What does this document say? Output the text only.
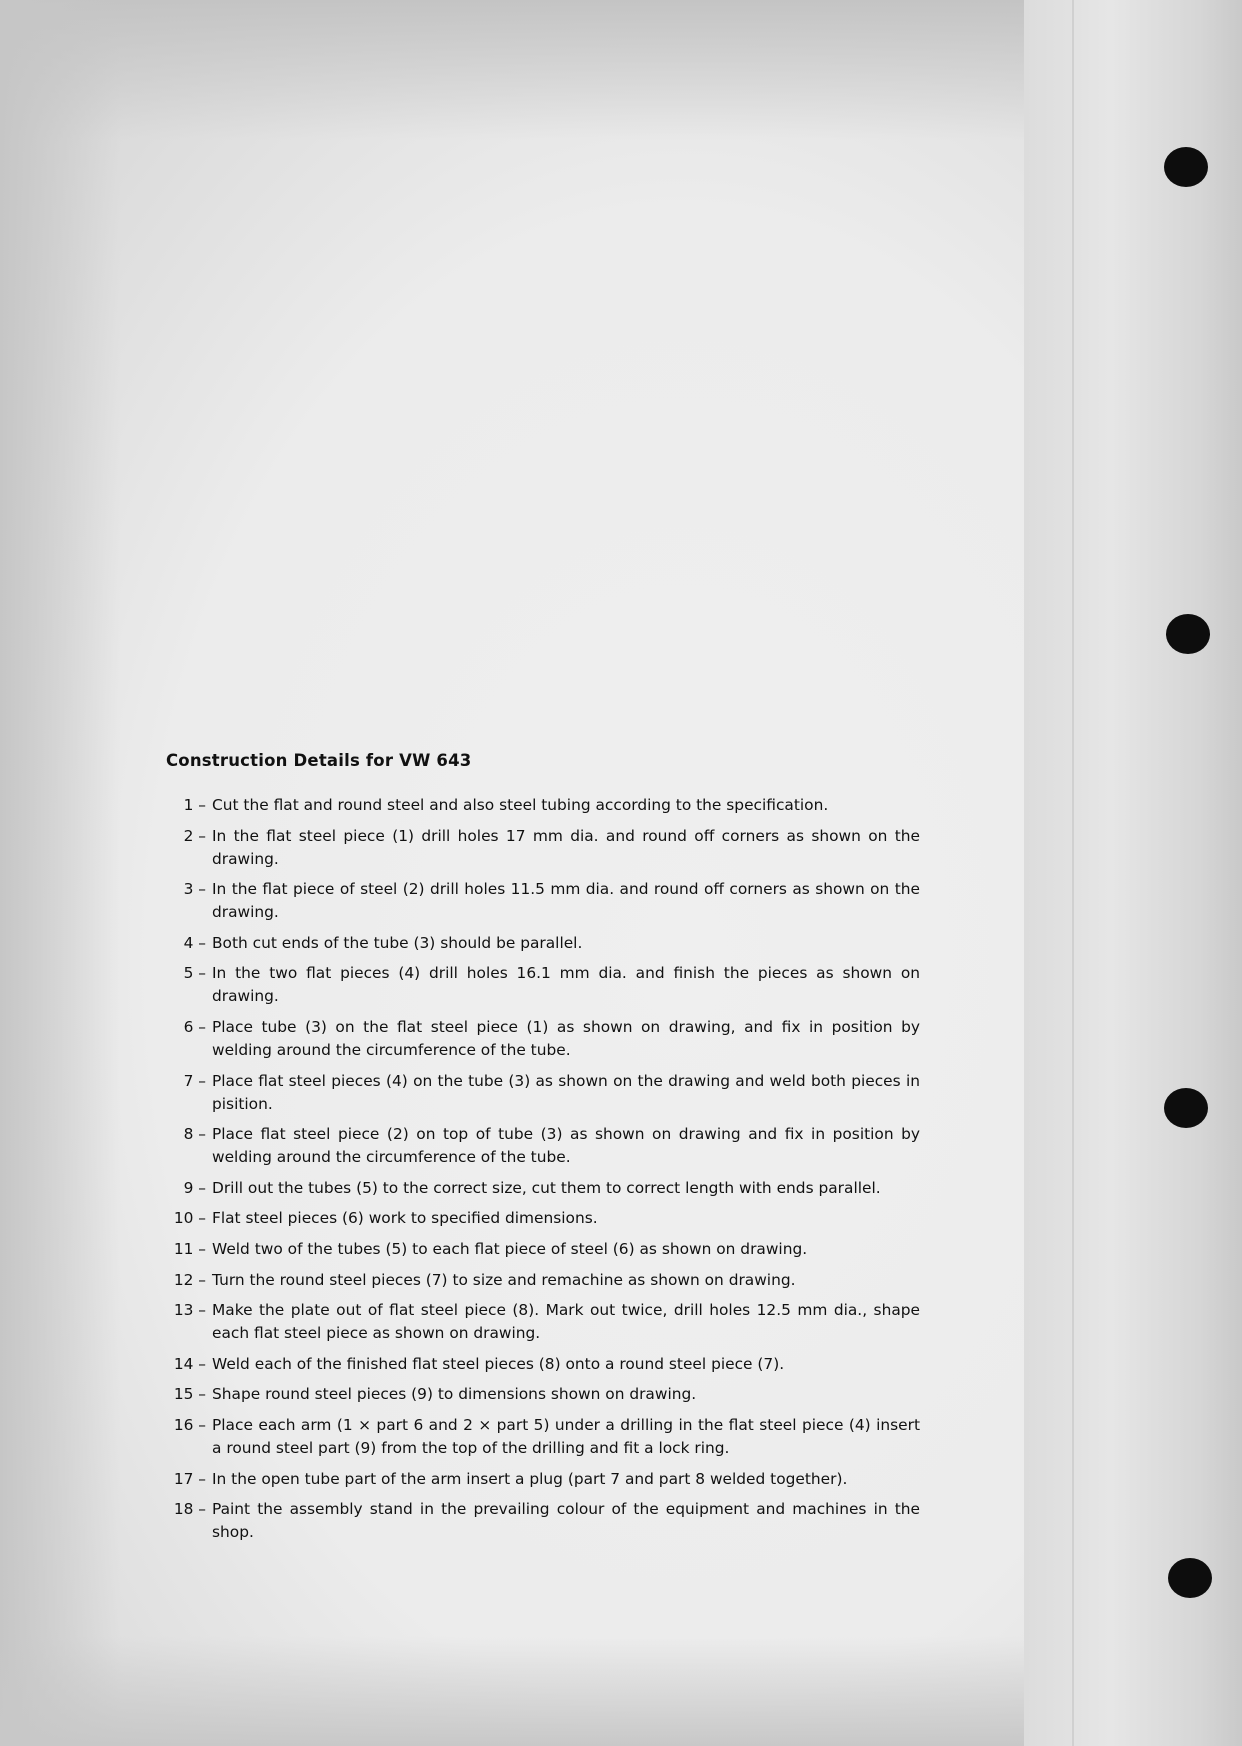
Construction Details for VW 643
1 – Cut the flat and round steel and also steel tubing according to the specification.
2 – In the flat steel piece (1) drill holes 17 mm dia. and round off corners as shown on the drawing.
3 – In the flat piece of steel (2) drill holes 11.5 mm dia. and round off corners as shown on the drawing.
4 – Both cut ends of the tube (3) should be parallel.
5 – In the two flat pieces (4) drill holes 16.1 mm dia. and finish the pieces as shown on drawing.
6 – Place tube (3) on the flat steel piece (1) as shown on drawing, and fix in position by welding around the circumference of the tube.
7 – Place flat steel pieces (4) on the tube (3) as shown on the drawing and weld both pieces in pisition.
8 – Place flat steel piece (2) on top of tube (3) as shown on drawing and fix in position by welding around the circumference of the tube.
9 – Drill out the tubes (5) to the correct size, cut them to correct length with ends parallel.
10 – Flat steel pieces (6) work to specified dimensions.
11 – Weld two of the tubes (5) to each flat piece of steel (6) as shown on drawing.
12 – Turn the round steel pieces (7) to size and remachine as shown on drawing.
13 – Make the plate out of flat steel piece (8). Mark out twice, drill holes 12.5 mm dia., shape each flat steel piece as shown on drawing.
14 – Weld each of the finished flat steel pieces (8) onto a round steel piece (7).
15 – Shape round steel pieces (9) to dimensions shown on drawing.
16 – Place each arm (1 × part 6 and 2 × part 5) under a drilling in the flat steel piece (4) insert a round steel part (9) from the top of the drilling and fit a lock ring.
17 – In the open tube part of the arm insert a plug (part 7 and part 8 welded together).
18 – Paint the assembly stand in the prevailing colour of the equipment and machines in the shop.
